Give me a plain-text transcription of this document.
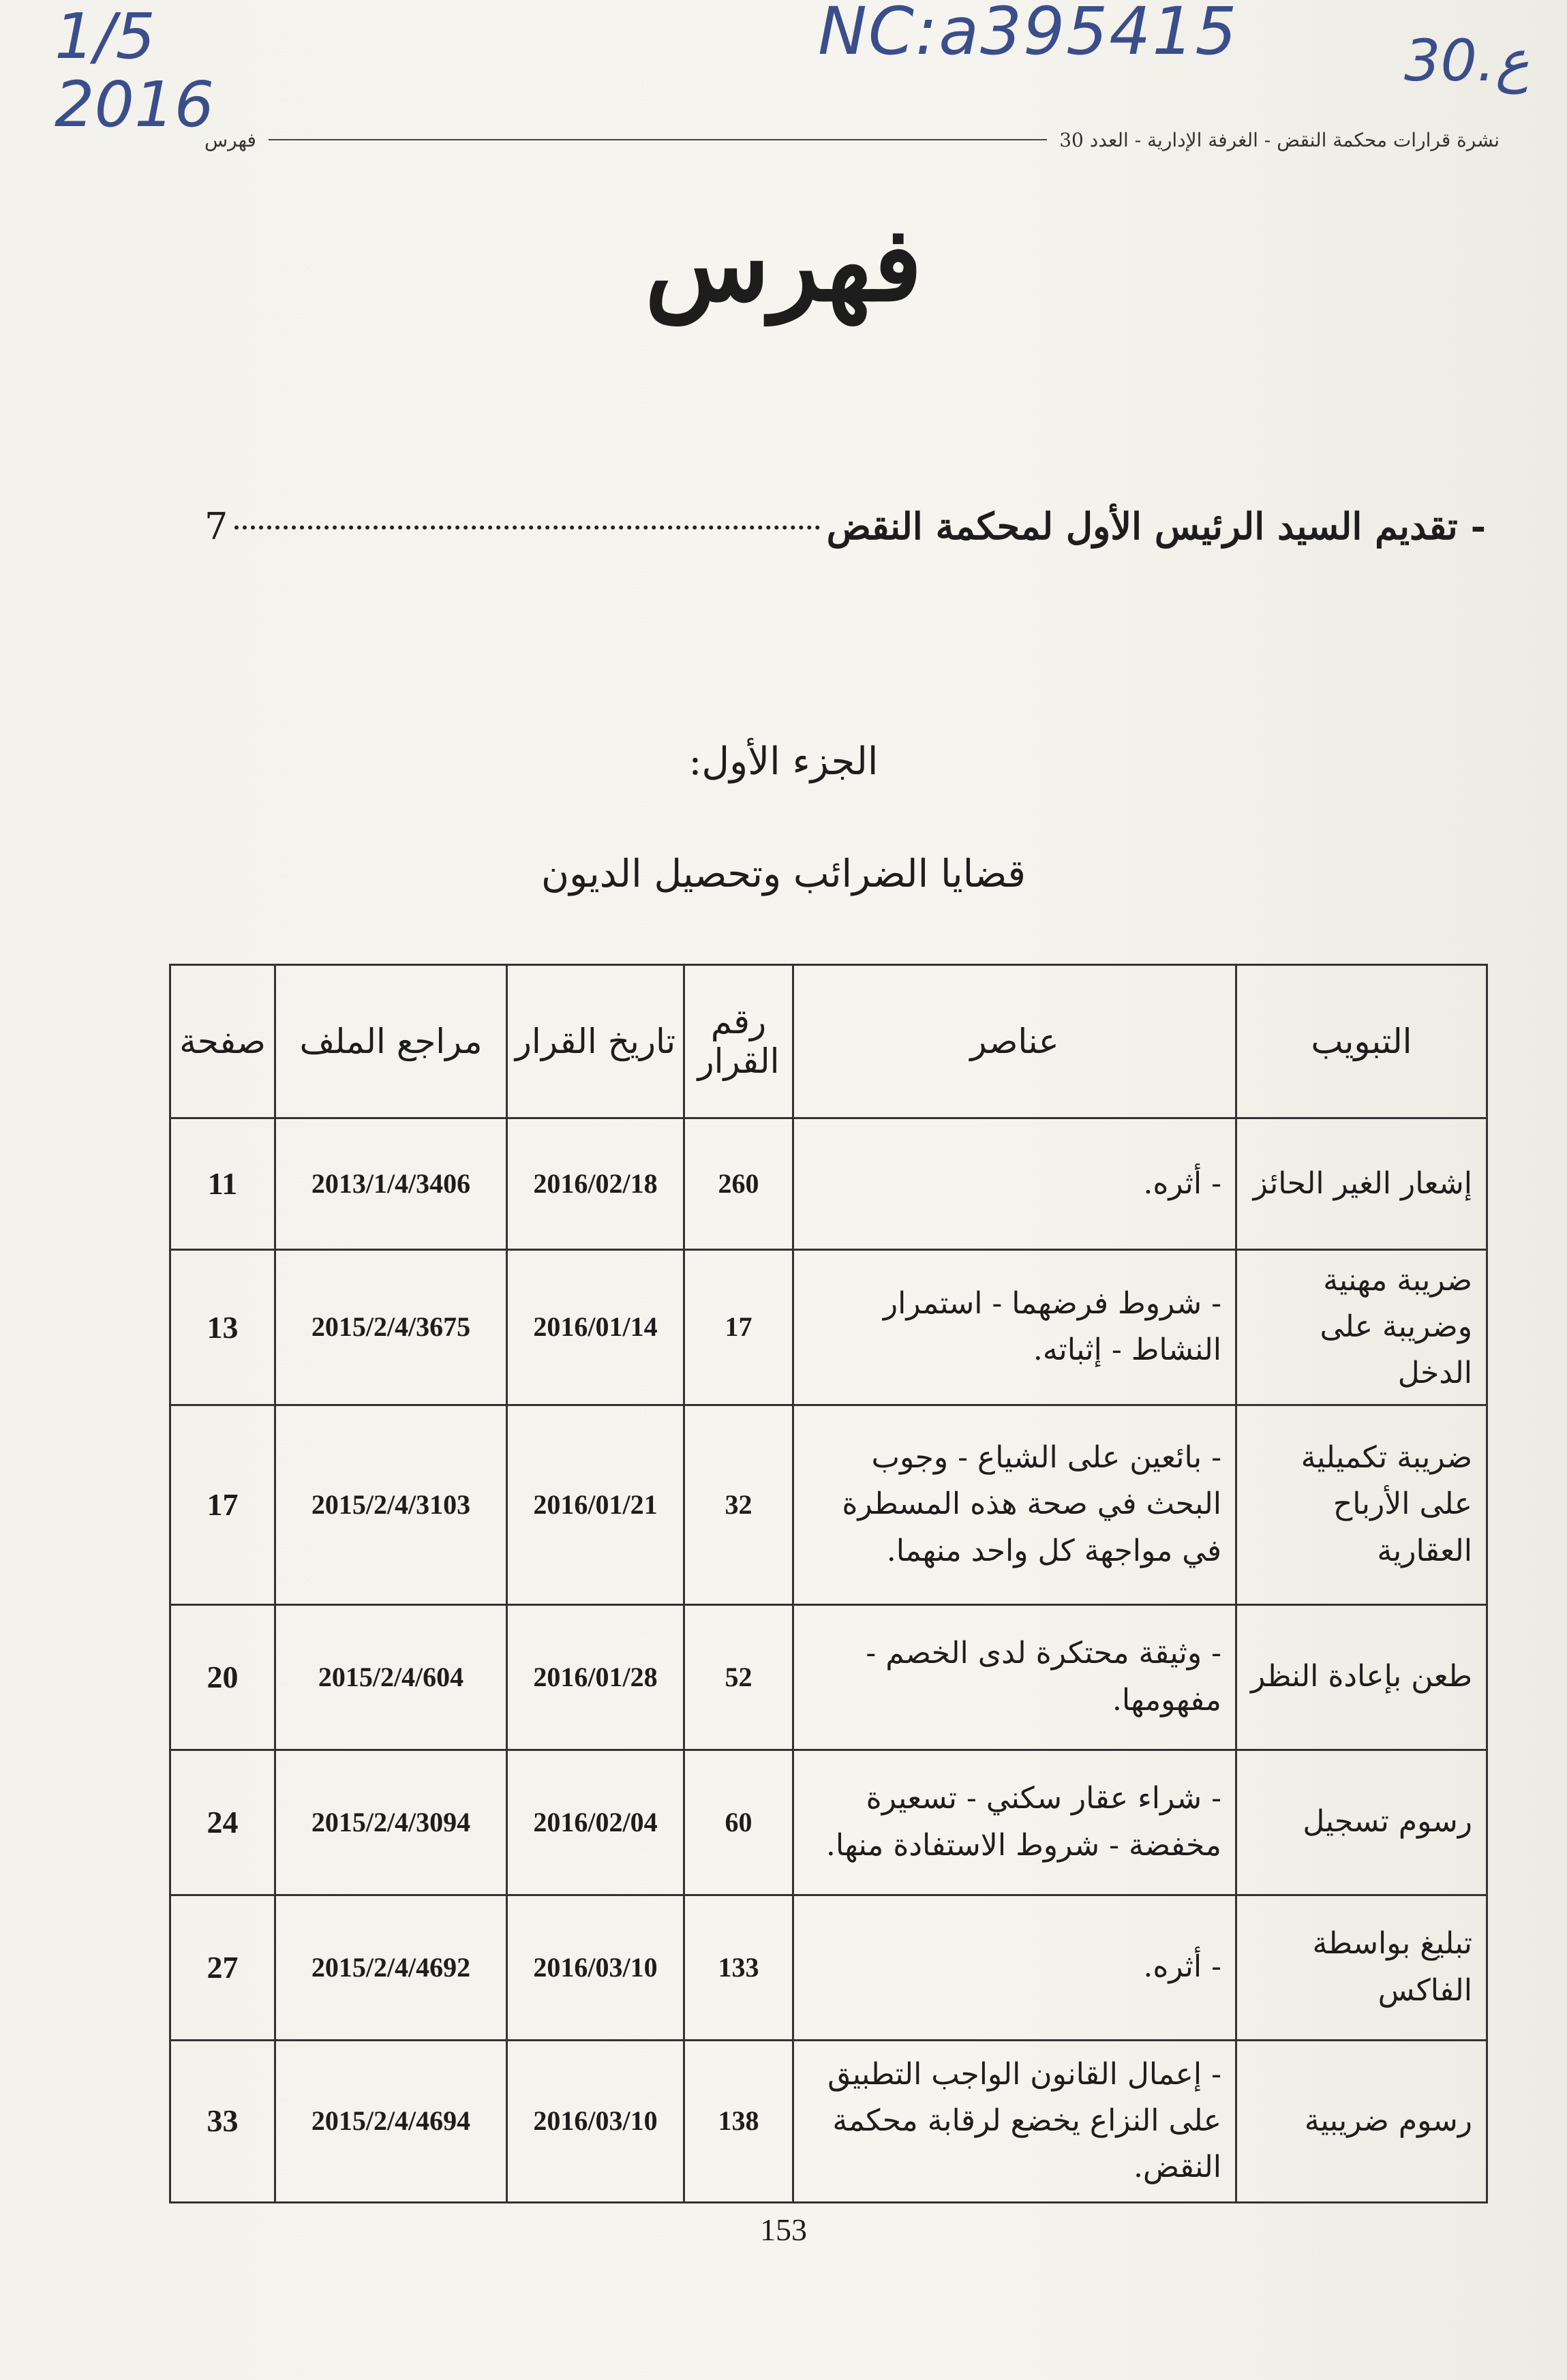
1/5
2016
NC:a395415	30.ع
نشرة قرارات محكمة النقض - الغرفة الإدارية - العدد 30
فهرس
فهرس
- تقديم السيد الرئيس الأول لمحكمة النقض
7
الجزء الأول:
قضايا الضرائب وتحصيل الديون
التبويب	عناصر	رقم القرار	تاريخ القرار	مراجع الملف	صفحة
إشعار الغير الحائز	- أثره.	260	2016/02/18	2013/1/4/3406	11
ضريبة مهنية وضريبة على الدخل	- شروط فرضهما - استمرار النشاط - إثباته.	17	2016/01/14	2015/2/4/3675	13
ضريبة تكميلية على الأرباح العقارية	- بائعين على الشياع - وجوب البحث في صحة هذه المسطرة في مواجهة كل واحد منهما.	32	2016/01/21	2015/2/4/3103	17
طعن بإعادة النظر	- وثيقة محتكرة لدى الخصم - مفهومها.	52	2016/01/28	2015/2/4/604	20
رسوم تسجيل	- شراء عقار سكني - تسعيرة مخفضة - شروط الاستفادة منها.	60	2016/02/04	2015/2/4/3094	24
تبليغ بواسطة الفاكس	- أثره.	133	2016/03/10	2015/2/4/4692	27
رسوم ضريبية	- إعمال القانون الواجب التطبيق على النزاع يخضع لرقابة محكمة النقض.	138	2016/03/10	2015/2/4/4694	33
153
